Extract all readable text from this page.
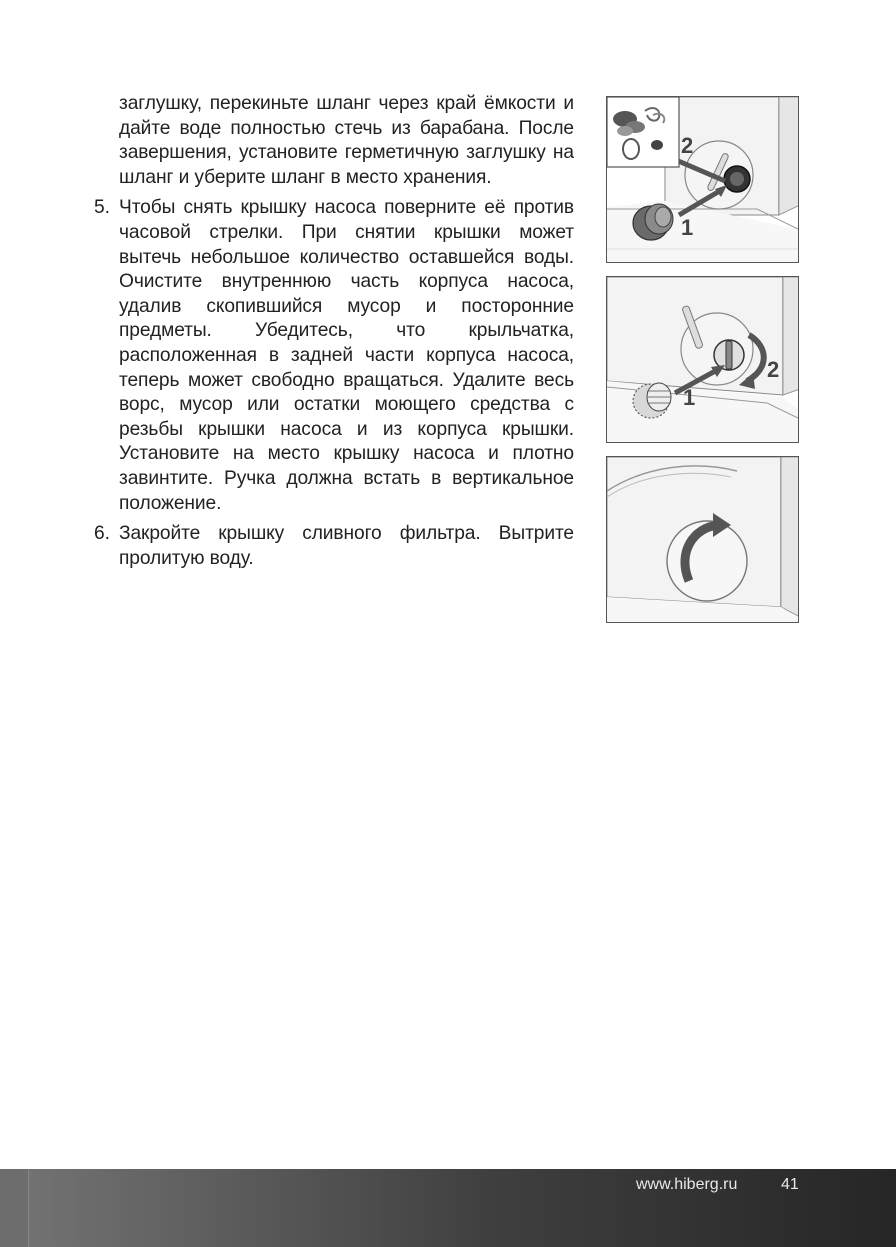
заглушку, перекиньте шланг через край ёмкости и дайте воде полностью стечь из барабана. После завершения, установите герметичную заглушку на шланг и уберите шланг в место хранения.

5. Чтобы снять крышку насоса поверните её против часовой стрелки. При снятии крышки может вытечь небольшое количество оставшейся воды. Очистите внутреннюю часть корпуса насоса, удалив скопившийся мусор и посторонние предметы. Убедитесь, что крыльчатка, расположенная в задней части корпуса насоса, теперь может свободно вращаться. Удалите весь ворс, мусор или остатки моющего средства с резьбы крышки насоса и из корпуса крышки. Установите на место крышку насоса и плотно завинтите. Ручка должна встать в вертикальное положение.
6. Закройте крышку сливного фильтра. Вытрите пролитую воду.
2
1
2
1
www.hiberg.ru	41
